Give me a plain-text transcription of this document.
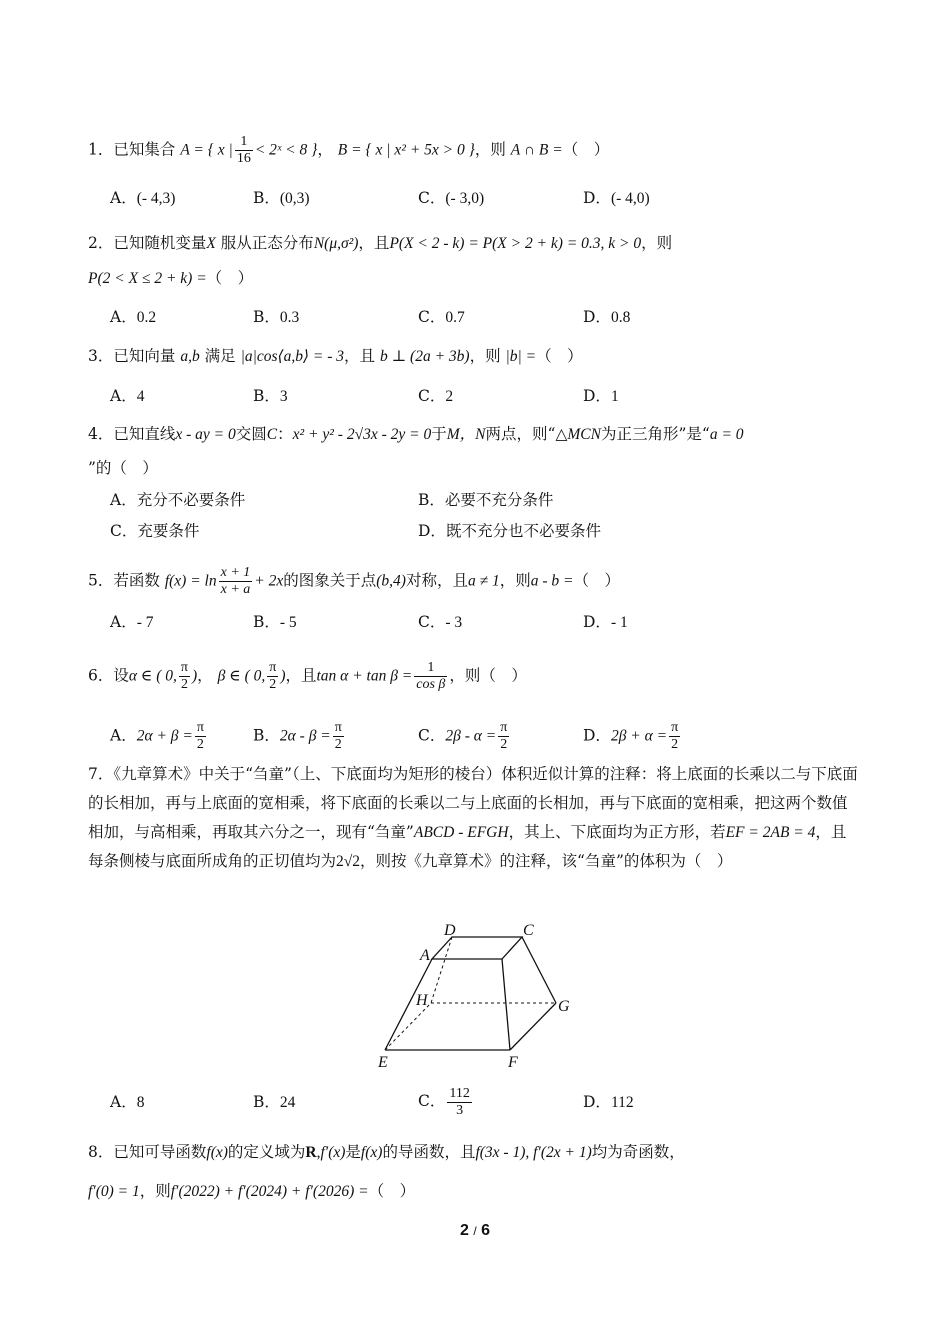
1．已知集合 A = { x | $\frac{1}{16}$ < 2ˣ < 8 }， B = { x | x² + 5x > 0 }，则 A ∩ B =（　）
A．(- 4,3)	B．(0,3)	C．(- 3,0)	D．(- 4,0)
2．已知随机变量X 服从正态分布N(μ,σ²)，且P(X < 2 - k) = P(X > 2 + k) = 0.3, k > 0，则
P(2 < X ≤ 2 + k) =（　）
A．0.2	B．0.3	C．0.7	D．0.8
3．已知向量 a,b 满足 |a|cos⟨a,b⟩ = - 3，且 b ⊥ (2a + 3b)，则 |b| =（　）
A．4	B．3	C．2	D．1
4．已知直线x - ay = 0交圆C：x² + y² - 2√3x - 2y = 0于M，N两点，则“△MCN为正三角形”是“a = 0
”的（　）
A．充分不必要条件	B．必要不充分条件
C．充要条件	D．既不充分也不必要条件
5．若函数 $f(x) = \ln \frac{x + 1}{x + a} + 2x$的图象关于点(b,4)对称，且a ≠ 1，则a - b =（　）
A．- 7	B．- 5	C．- 3	D．- 1
6．设α ∈ ( 0, $\frac{\pi}{2}$ )， β ∈ ( 0, $\frac{\pi}{2}$ )，且$\tan \alpha + \tan \beta = \frac{1}{\text{cos β}}$ ，则（　）
A．$2\alpha + \beta = \frac{\pi}{2}$	B．$2\alpha - \beta = \frac{\pi}{2}$	C．$2\beta - \alpha = \frac{\pi}{2}$	D．$2\beta + \alpha = \frac{\pi}{2}$
7．《九章算术》中关于“刍童”（上、下底面均为矩形的棱台）体积近似计算的注释：将上底面的长乘以二与下底面的长相加，再与上底面的宽相乘，将下底面的长乘以二与上底面的长相加，再与下底面的宽相乘，把这两个数值相加，与高相乘，再取其六分之一，现有“刍童”ABCD - EFGH，其上、下底面均为正方形，若EF = 2AB = 4，且每条侧棱与底面所成角的正切值均为2√2，则按《九章算术》的注释，该“刍童”的体积为（　）
D	C
A
H	G
E	F
A．8	B．24	C． $\frac{112}{3}$	D．112
8．已知可导函数f(x)的定义域为R,f′(x)是f(x)的导函数，且f(3x - 1), f′(2x + 1)均为奇函数，
f′(0) = 1，则f′(2022) + f′(2024) + f′(2026) =（　）
2 / 6
